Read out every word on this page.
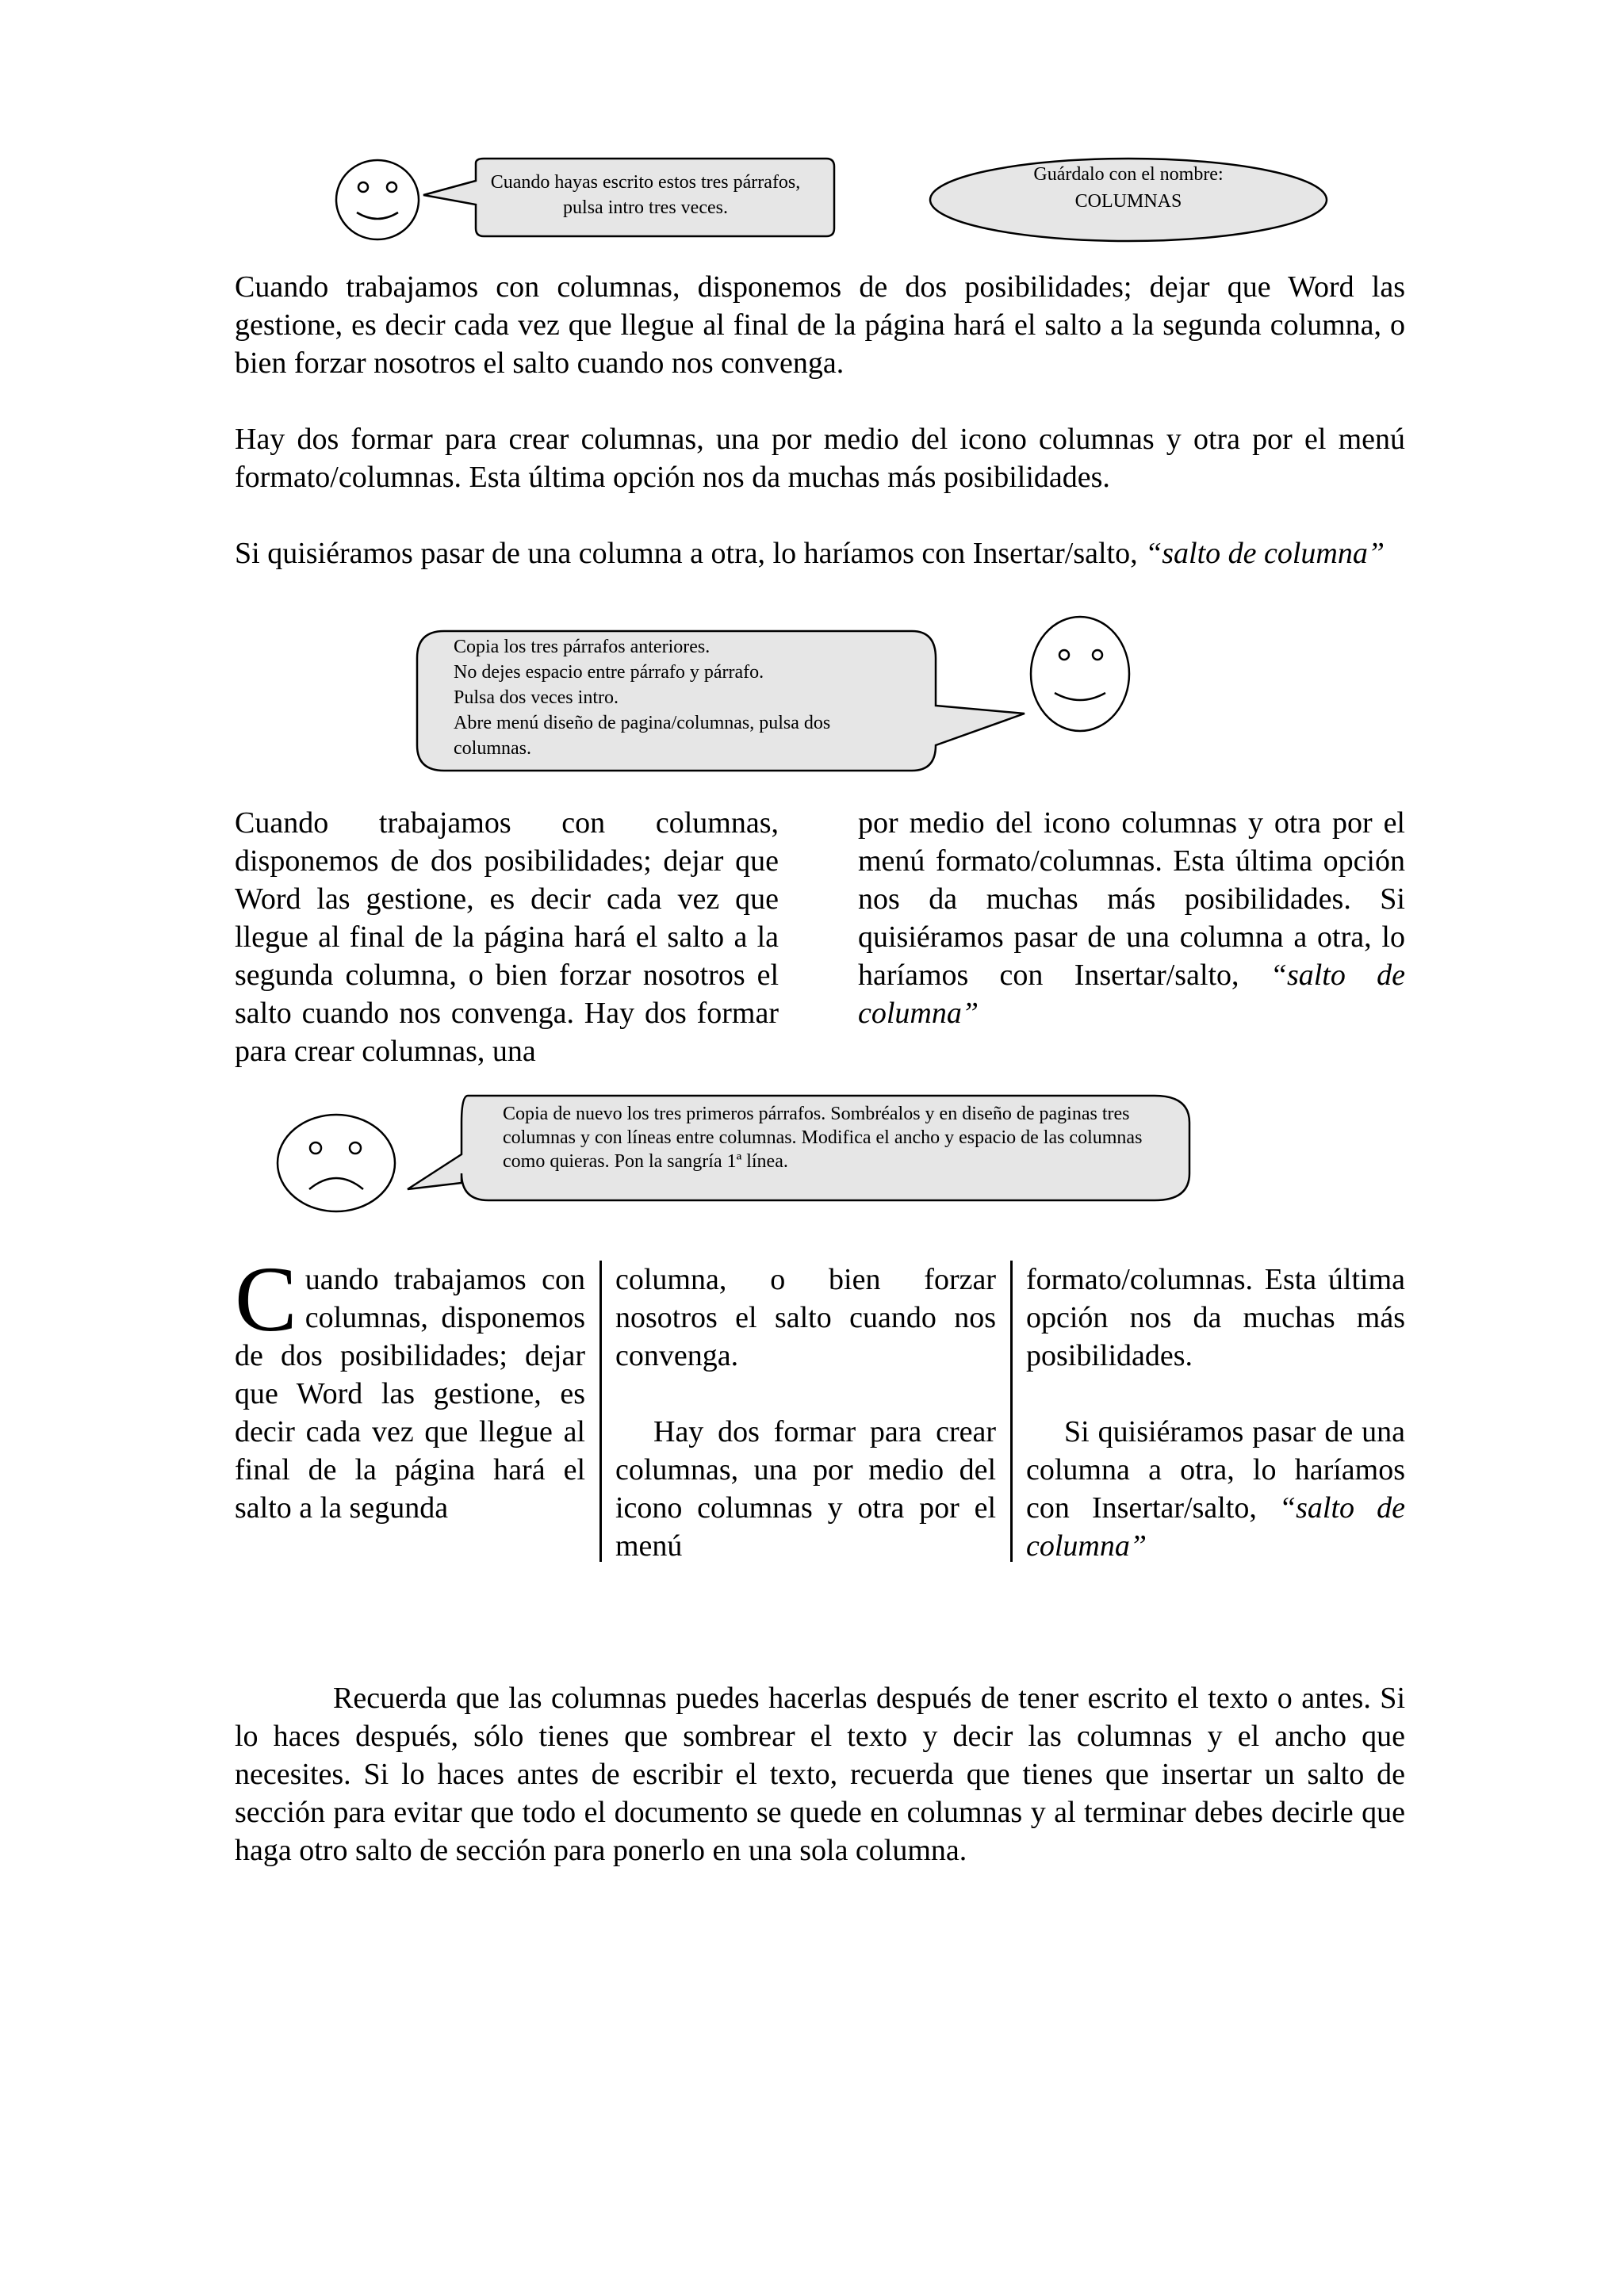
Cuando hayas escrito estos tres párrafos, pulsa intro tres veces.
Guárdalo con el nombre:
COLUMNAS

Cuando trabajamos con columnas, disponemos de dos posibilidades; dejar que Word las gestione, es decir cada vez que llegue al final de la página hará el salto a la segunda columna, o bien forzar nosotros el salto cuando nos convenga.

Hay dos formar para crear columnas, una por medio del icono columnas y otra por el menú formato/columnas. Esta última opción nos da muchas más posibilidades.

Si quisiéramos pasar de una columna a otra, lo haríamos con Insertar/salto, “salto de columna”

Copia los tres párrafos anteriores.
No dejes espacio entre párrafo y párrafo.
Pulsa dos veces intro.
Abre menú diseño de pagina/columnas, pulsa dos columnas.

Cuando trabajamos con columnas, disponemos de dos posibilidades; dejar que Word las gestione, es decir cada vez que llegue al final de la página hará el salto a la segunda columna, o bien forzar nosotros el salto cuando nos convenga. Hay dos formar para crear columnas, una

por medio del icono columnas y otra por el menú formato/columnas. Esta última opción nos da muchas más posibilidades. Si quisiéramos pasar de una columna a otra, lo haríamos con Insertar/salto, “salto de columna”

Copia de nuevo los tres primeros párrafos. Sombréalos y en diseño de paginas tres columnas y con líneas entre columnas. Modifica el ancho y espacio de las columnas como quieras. Pon la sangría 1ª línea.

C uando trabajamos con columnas, disponemos de dos posibilidades; dejar que Word las gestione, es decir cada vez que llegue al final de la página hará el salto a la segunda

columna, o bien forzar nosotros el salto cuando nos convenga.

Hay dos formar para crear columnas, una por medio del icono columnas y otra por el menú

formato/columnas. Esta última opción nos da muchas más posibilidades.

Si quisiéramos pasar de una columna a otra, lo haríamos con Insertar/salto, “salto de columna”

Recuerda que las columnas puedes hacerlas después de tener escrito el texto o antes. Si lo haces después, sólo tienes que sombrear el texto y decir las columnas y el ancho que necesites. Si lo haces antes de escribir el texto, recuerda que tienes que insertar un salto de sección para evitar que todo el documento se quede en columnas y al terminar debes decirle que haga otro salto de sección para ponerlo en una sola columna.
